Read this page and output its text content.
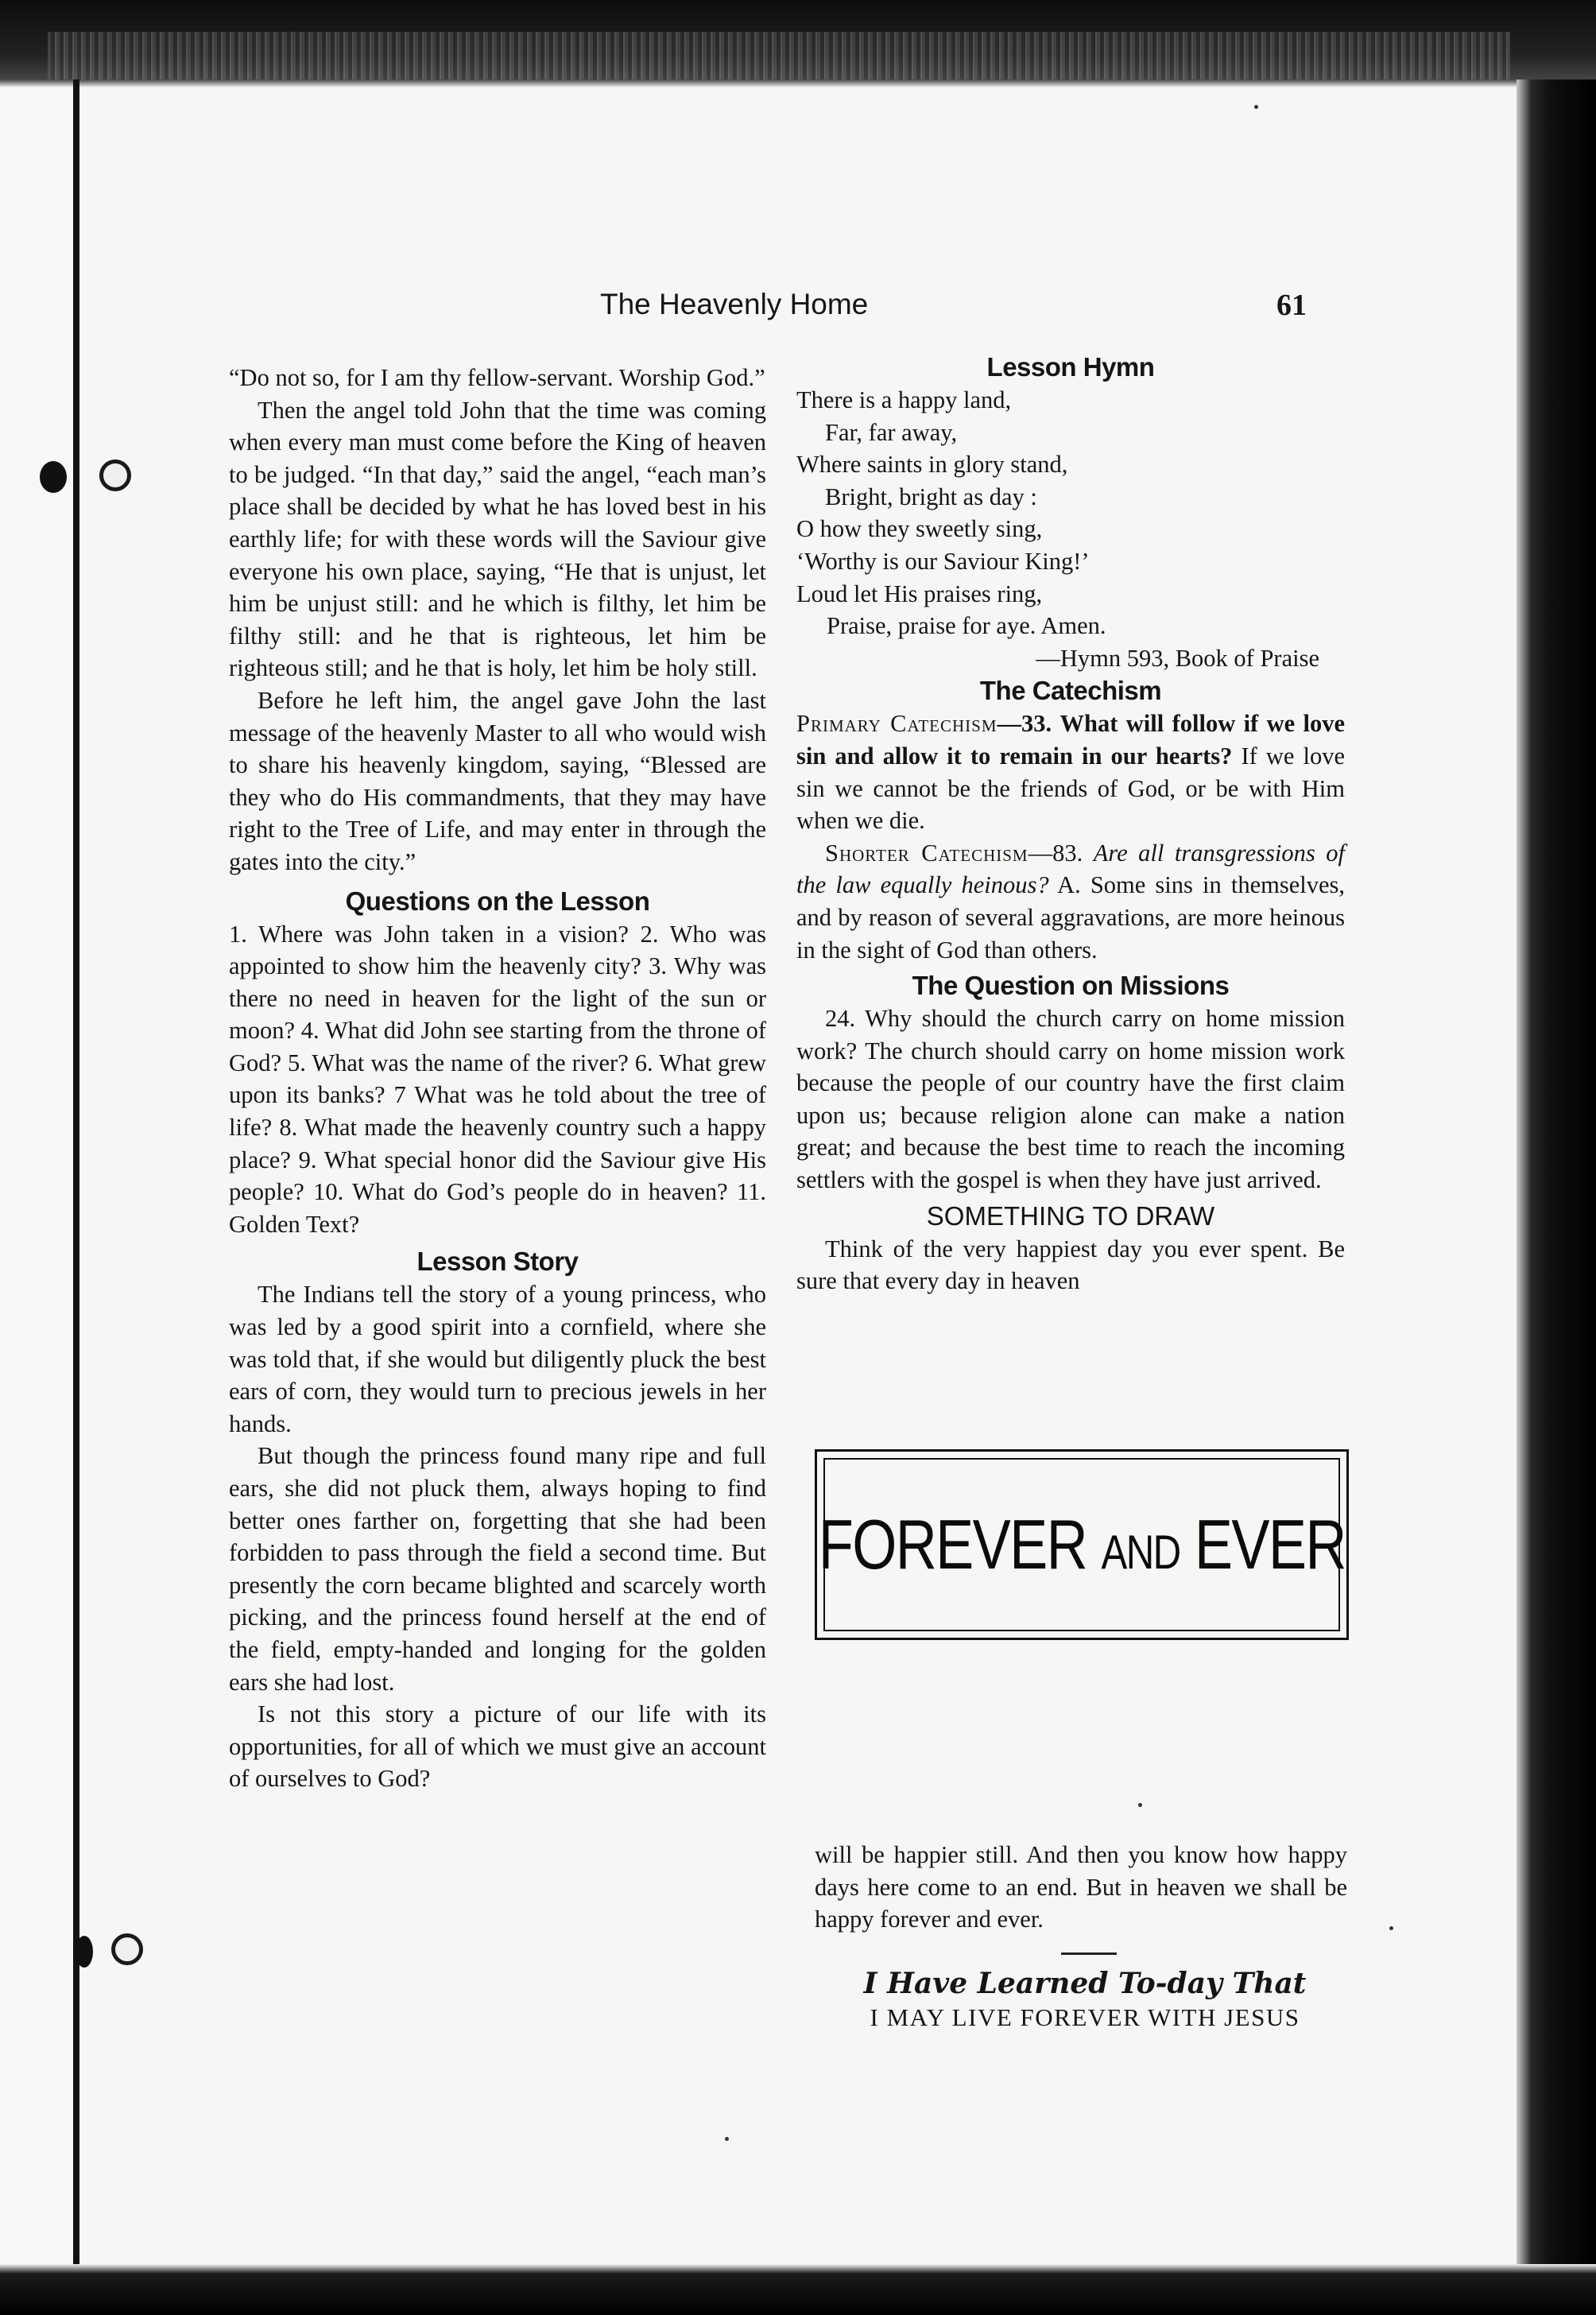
The Heavenly Home	61

“Do not so, for I am thy fellow-servant. Worship God.”

Then the angel told John that the time was coming when every man must come before the King of heaven to be judged. “In that day,” said the angel, “each man’s place shall be decided by what he has loved best in his earthly life; for with these words will the Saviour give everyone his own place, saying, “He that is unjust, let him be unjust still: and he which is filthy, let him be filthy still: and he that is righteous, let him be righteous still; and he that is holy, let him be holy still.

Before he left him, the angel gave John the last message of the heavenly Master to all who would wish to share his heavenly kingdom, saying, “Blessed are they who do His commandments, that they may have right to the Tree of Life, and may enter in through the gates into the city.”

Questions on the Lesson

1. Where was John taken in a vision? 2. Who was appointed to show him the heavenly city? 3. Why was there no need in heaven for the light of the sun or moon? 4. What did John see starting from the throne of God? 5. What was the name of the river? 6. What grew upon its banks? 7 What was he told about the tree of life? 8. What made the heavenly country such a happy place? 9. What special honor did the Saviour give His people? 10. What do God’s people do in heaven? 11. Golden Text?

Lesson Story

The Indians tell the story of a young princess, who was led by a good spirit into a cornfield, where she was told that, if she would but diligently pluck the best ears of corn, they would turn to precious jewels in her hands.

But though the princess found many ripe and full ears, she did not pluck them, always hoping to find better ones farther on, forgetting that she had been forbidden to pass through the field a second time. But presently the corn became blighted and scarcely worth picking, and the princess found herself at the end of the field, empty-handed and longing for the golden ears she had lost.

Is not this story a picture of our life with its opportunities, for all of which we must give an account of ourselves to God?

Lesson Hymn

There is a happy land,

Far, far away,

Where saints in glory stand,

Bright, bright as day :

O how they sweetly sing,

‘Worthy is our Saviour King!’

Loud let His praises ring,

Praise, praise for aye. Amen.

—Hymn 593, Book of Praise

The Catechism

Primary Catechism—33. What will follow if we love sin and allow it to remain in our hearts? If we love sin we cannot be the friends of God, or be with Him when we die.

Shorter Catechism—83. Are all transgressions of the law equally heinous? A. Some sins in themselves, and by reason of several aggravations, are more heinous in the sight of God than others.

The Question on Missions

24. Why should the church carry on home mission work? The church should carry on home mission work because the people of our country have the first claim upon us; because religion alone can make a nation great; and because the best time to reach the incoming settlers with the gospel is when they have just arrived.

SOMETHING TO DRAW

Think of the very happiest day you ever spent. Be sure that every day in heaven

FOREVER AND EVER

will be happier still. And then you know how happy days here come to an end. But in heaven we shall be happy forever and ever.

I Have Learned To-day That
I MAY LIVE FOREVER WITH JESUS
